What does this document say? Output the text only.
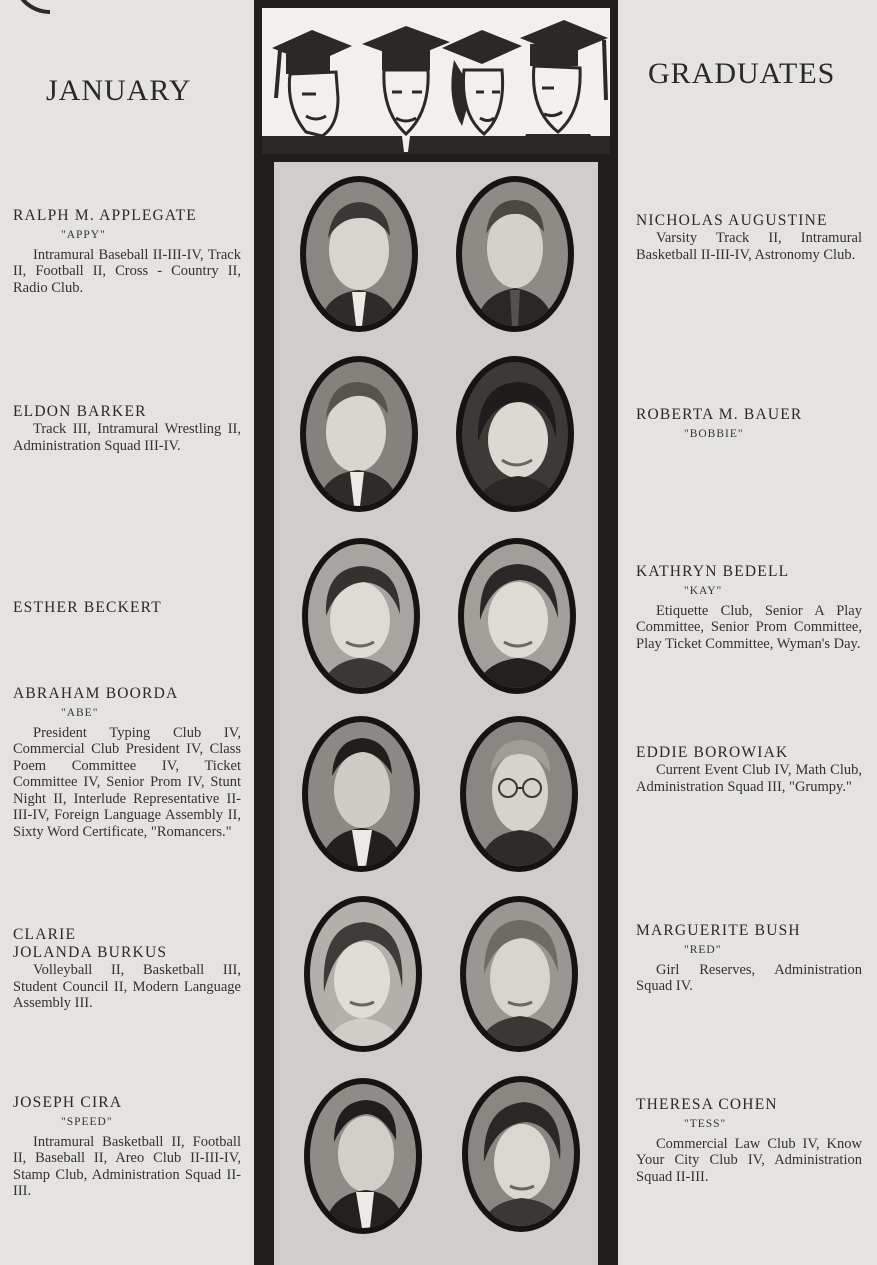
JANUARY
GRADUATES
RALPH M. APPLEGATE
"APPY"
Intramural Baseball II-III-IV, Track II, Football II, Cross - Country II, Radio Club.
ELDON BARKER
Track III, Intramural Wrestling II, Administration Squad III-IV.
ESTHER BECKERT
ABRAHAM BOORDA
"ABE"
President Typing Club IV, Commercial Club President IV, Class Poem Committee IV, Ticket Committee IV, Senior Prom IV, Stunt Night II, Interlude Representative II-III-IV, Foreign Language Assembly II, Sixty Word Certificate, "Romancers."
CLARIE
JOLANDA BURKUS
Volleyball II, Basketball III, Student Council II, Modern Language Assembly III.
JOSEPH CIRA
"SPEED"
Intramural Basketball II, Football II, Baseball II, Areo Club II-III-IV, Stamp Club, Administration Squad II-III.
NICHOLAS AUGUSTINE
Varsity Track II, Intramural Basketball II-III-IV, Astronomy Club.
ROBERTA M. BAUER
"BOBBIE"
KATHRYN BEDELL
"KAY"
Etiquette Club, Senior A Play Committee, Senior Prom Committee, Play Ticket Committee, Wyman's Day.
EDDIE BOROWIAK
Current Event Club IV, Math Club, Administration Squad III, "Grumpy."
MARGUERITE BUSH
"RED"
Girl Reserves, Administration Squad IV.
THERESA COHEN
"TESS"
Commercial Law Club IV, Know Your City Club IV, Administration Squad II-III.
